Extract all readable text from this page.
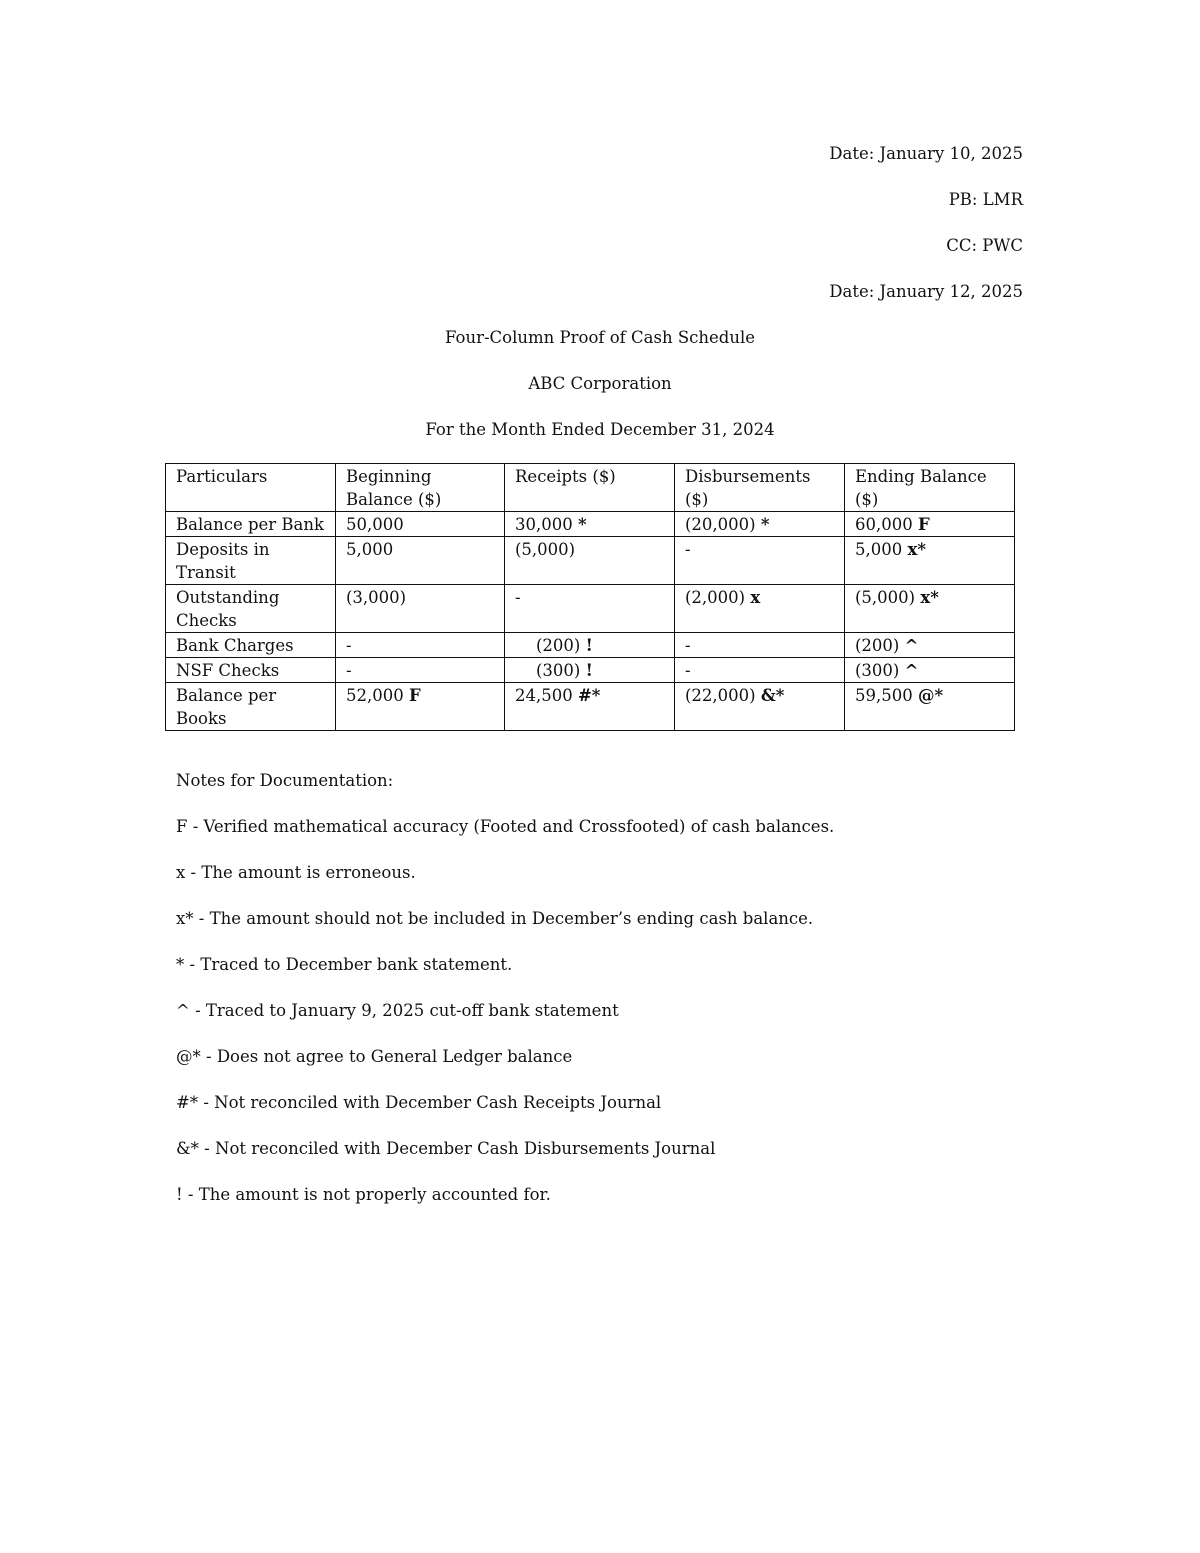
Date: January 10, 2025
PB: LMR
CC: PWC
Date: January 12, 2025
Four-Column Proof of Cash Schedule
ABC Corporation
For the Month Ended December 31, 2024
Particulars	Beginning Balance ($)	Receipts ($)	Disbursements ($)	Ending Balance ($)
Balance per Bank	50,000	30,000 *	(20,000) *	60,000 F
Deposits in Transit	5,000	(5,000)	-	5,000 x*
Outstanding Checks	(3,000)	-	(2,000) x	(5,000) x*
Bank Charges	-	(200) !	-	(200) ^
NSF Checks	-	(300) !	-	(300) ^
Balance per Books	52,000 F	24,500 #*	(22,000) &*	59,500 @*
Notes for Documentation:
F - Verified mathematical accuracy (Footed and Crossfooted) of cash balances.
x - The amount is erroneous.
x* - The amount should not be included in December’s ending cash balance.
* - Traced to December bank statement.
^ - Traced to January 9, 2025 cut-off bank statement
@* - Does not agree to General Ledger balance
#* - Not reconciled with December Cash Receipts Journal
&* - Not reconciled with December Cash Disbursements Journal
! - The amount is not properly accounted for.
